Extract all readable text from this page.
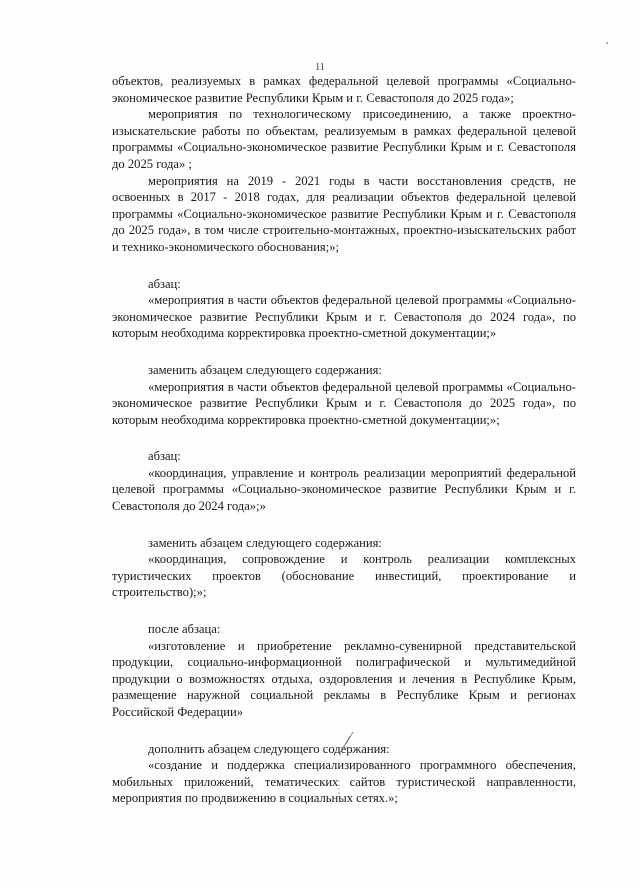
11

объектов, реализуемых в рамках федеральной целевой программы «Социально-экономическое развитие Республики Крым и г. Севастополя до 2025 года»;

мероприятия по технологическому присоединению, а также проектно-изыскательские работы по объектам, реализуемым в рамках федеральной целевой программы «Социально-экономическое развитие Республики Крым и г. Севастополя до 2025 года» ;

мероприятия на 2019 - 2021 годы в части восстановления средств, не освоенных в 2017 - 2018 годах, для реализации объектов федеральной целевой программы «Социально-экономическое развитие Республики Крым и г. Севастополя до 2025 года», в том числе строительно-монтажных, проектно-изыскательских работ и технико-экономического обоснования;»;

абзац:

«мероприятия в части объектов федеральной целевой программы «Социально-экономическое развитие Республики Крым и г. Севастополя до 2024 года», по которым необходима корректировка проектно-сметной документации;»

заменить абзацем следующего содержания:

«мероприятия в части объектов федеральной целевой программы «Социально-экономическое развитие Республики Крым и г. Севастополя до 2025 года», по которым необходима корректировка проектно-сметной документации;»;

абзац:

«координация, управление и контроль реализации мероприятий федеральной целевой программы «Социально-экономическое развитие Республики Крым и г. Севастополя до 2024 года»;»

заменить абзацем следующего содержания:

«координация, сопровождение и контроль реализации комплексных туристических проектов (обоснование инвестиций, проектирование и строительство);»;

после абзаца:

«изготовление и приобретение рекламно-сувенирной представительской продукции, социально-информационной полиграфической и мультимедийной продукции о возможностях отдыха, оздоровления и лечения в Республике Крым, размещение наружной социальной рекламы в Республике Крым и регионах Российской Федерации»

дополнить абзацем следующего содержания:

«создание и поддержка специализированного программного обеспечения, мобильных приложений, тематических сайтов туристической направленности, мероприятия по продвижению в социальных сетях.»;
